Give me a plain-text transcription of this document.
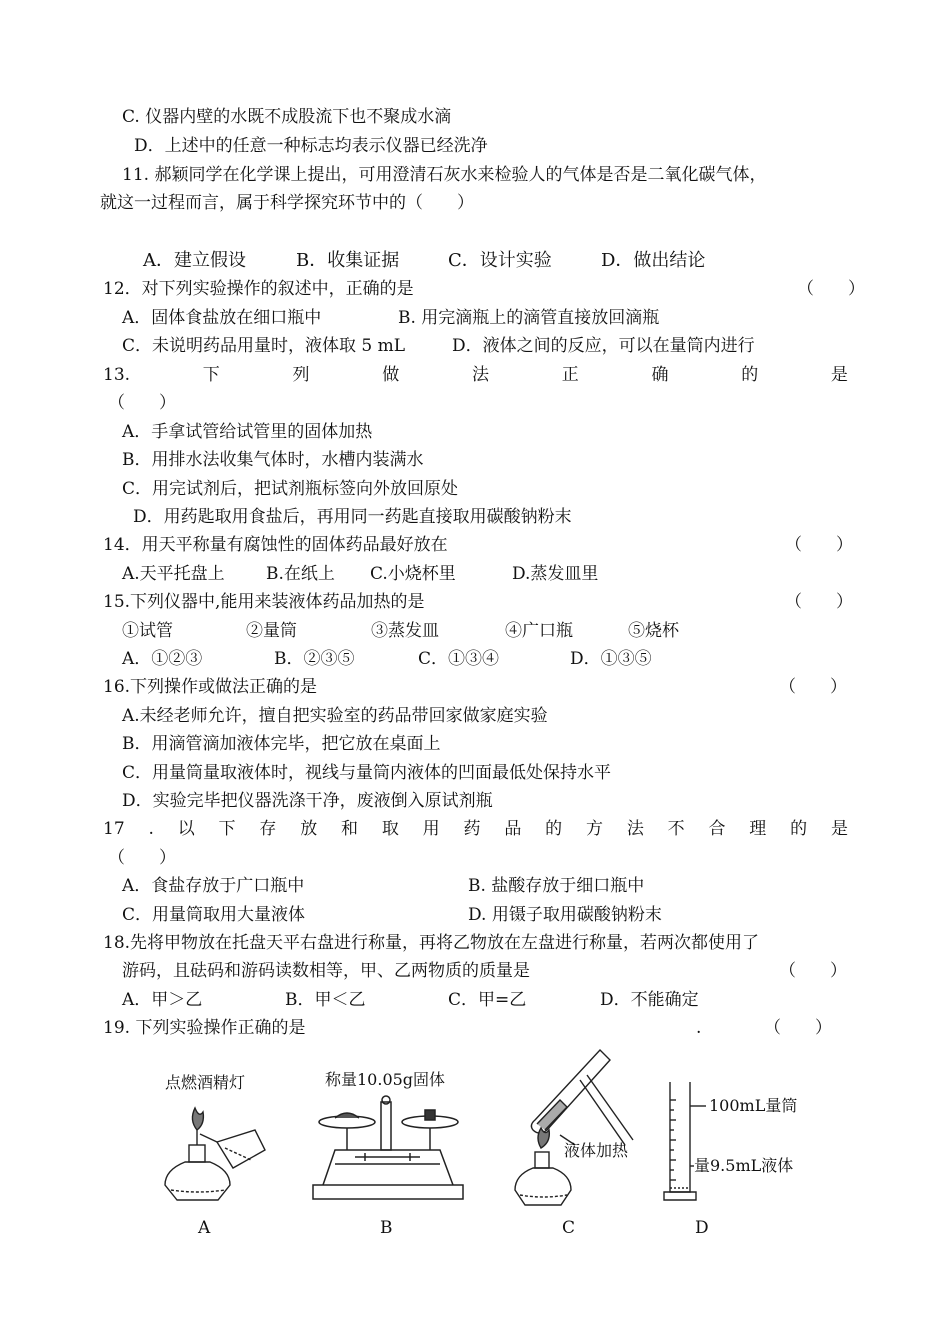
C. 仪器内壁的水既不成股流下也不聚成水滴
D．上述中的任意一种标志均表示仪器已经洗净
11. 郝颖同学在化学课上提出，可用澄清石灰水来检验人的气体是否是二氧化碳气体，
就这一过程而言，属于科学探究环节中的（　　）
A．建立假设	B．收集证据	C．设计实验	D．做出结论
12．对下列实验操作的叙述中，正确的是	（　　）
A．固体食盐放在细口瓶中	B. 用完滴瓶上的滴管直接放回滴瓶
C．未说明药品用量时，液体取 5 mL	D．液体之间的反应，可以在量筒内进行
13.	下	列	做	法	正	确	的	是
（　　）
A．手拿试管给试管里的固体加热
B．用排水法收集气体时，水槽内装满水
C．用完试剂后，把试剂瓶标签向外放回原处
D．用药匙取用食盐后，再用同一药匙直接取用碳酸钠粉末
14．用天平称量有腐蚀性的固体药品最好放在	（　　）
A.天平托盘上 B.在纸上 C.小烧杯里	D.蒸发皿里
15.下列仪器中,能用来装液体药品加热的是	（　　）
①试管	②量筒	③蒸发皿	④广口瓶	⑤烧杯
A．①②③	B．②③⑤	C．①③④	D．①③⑤
16.下列操作或做法正确的是	（　　）
A.未经老师允许，擅自把实验室的药品带回家做家庭实验
B．用滴管滴加液体完毕，把它放在桌面上
C．用量筒量取液体时，视线与量筒内液体的凹面最低处保持水平
D．实验完毕把仪器洗涤干净，废液倒入原试剂瓶
17 . 以 下 存 放 和 取 用 药 品 的 方 法 不 合 理 的 是
（　　）
A．食盐存放于广口瓶中	B. 盐酸存放于细口瓶中
C．用量筒取用大量液体	D. 用镊子取用碳酸钠粉末
18.先将甲物放在托盘天平右盘进行称量，再将乙物放在左盘进行称量，若两次都使用了
游码，且砝码和游码读数相等，甲、乙两物质的质量是	（　　）
A．甲＞乙	B．甲＜乙	C．甲=乙	D．不能确定
19. 下列实验操作正确的是	.	（　　）
点燃酒精灯
A
称量10.05g固体
B
液体加热
C
100mL量筒
量9.5mL液体
D
